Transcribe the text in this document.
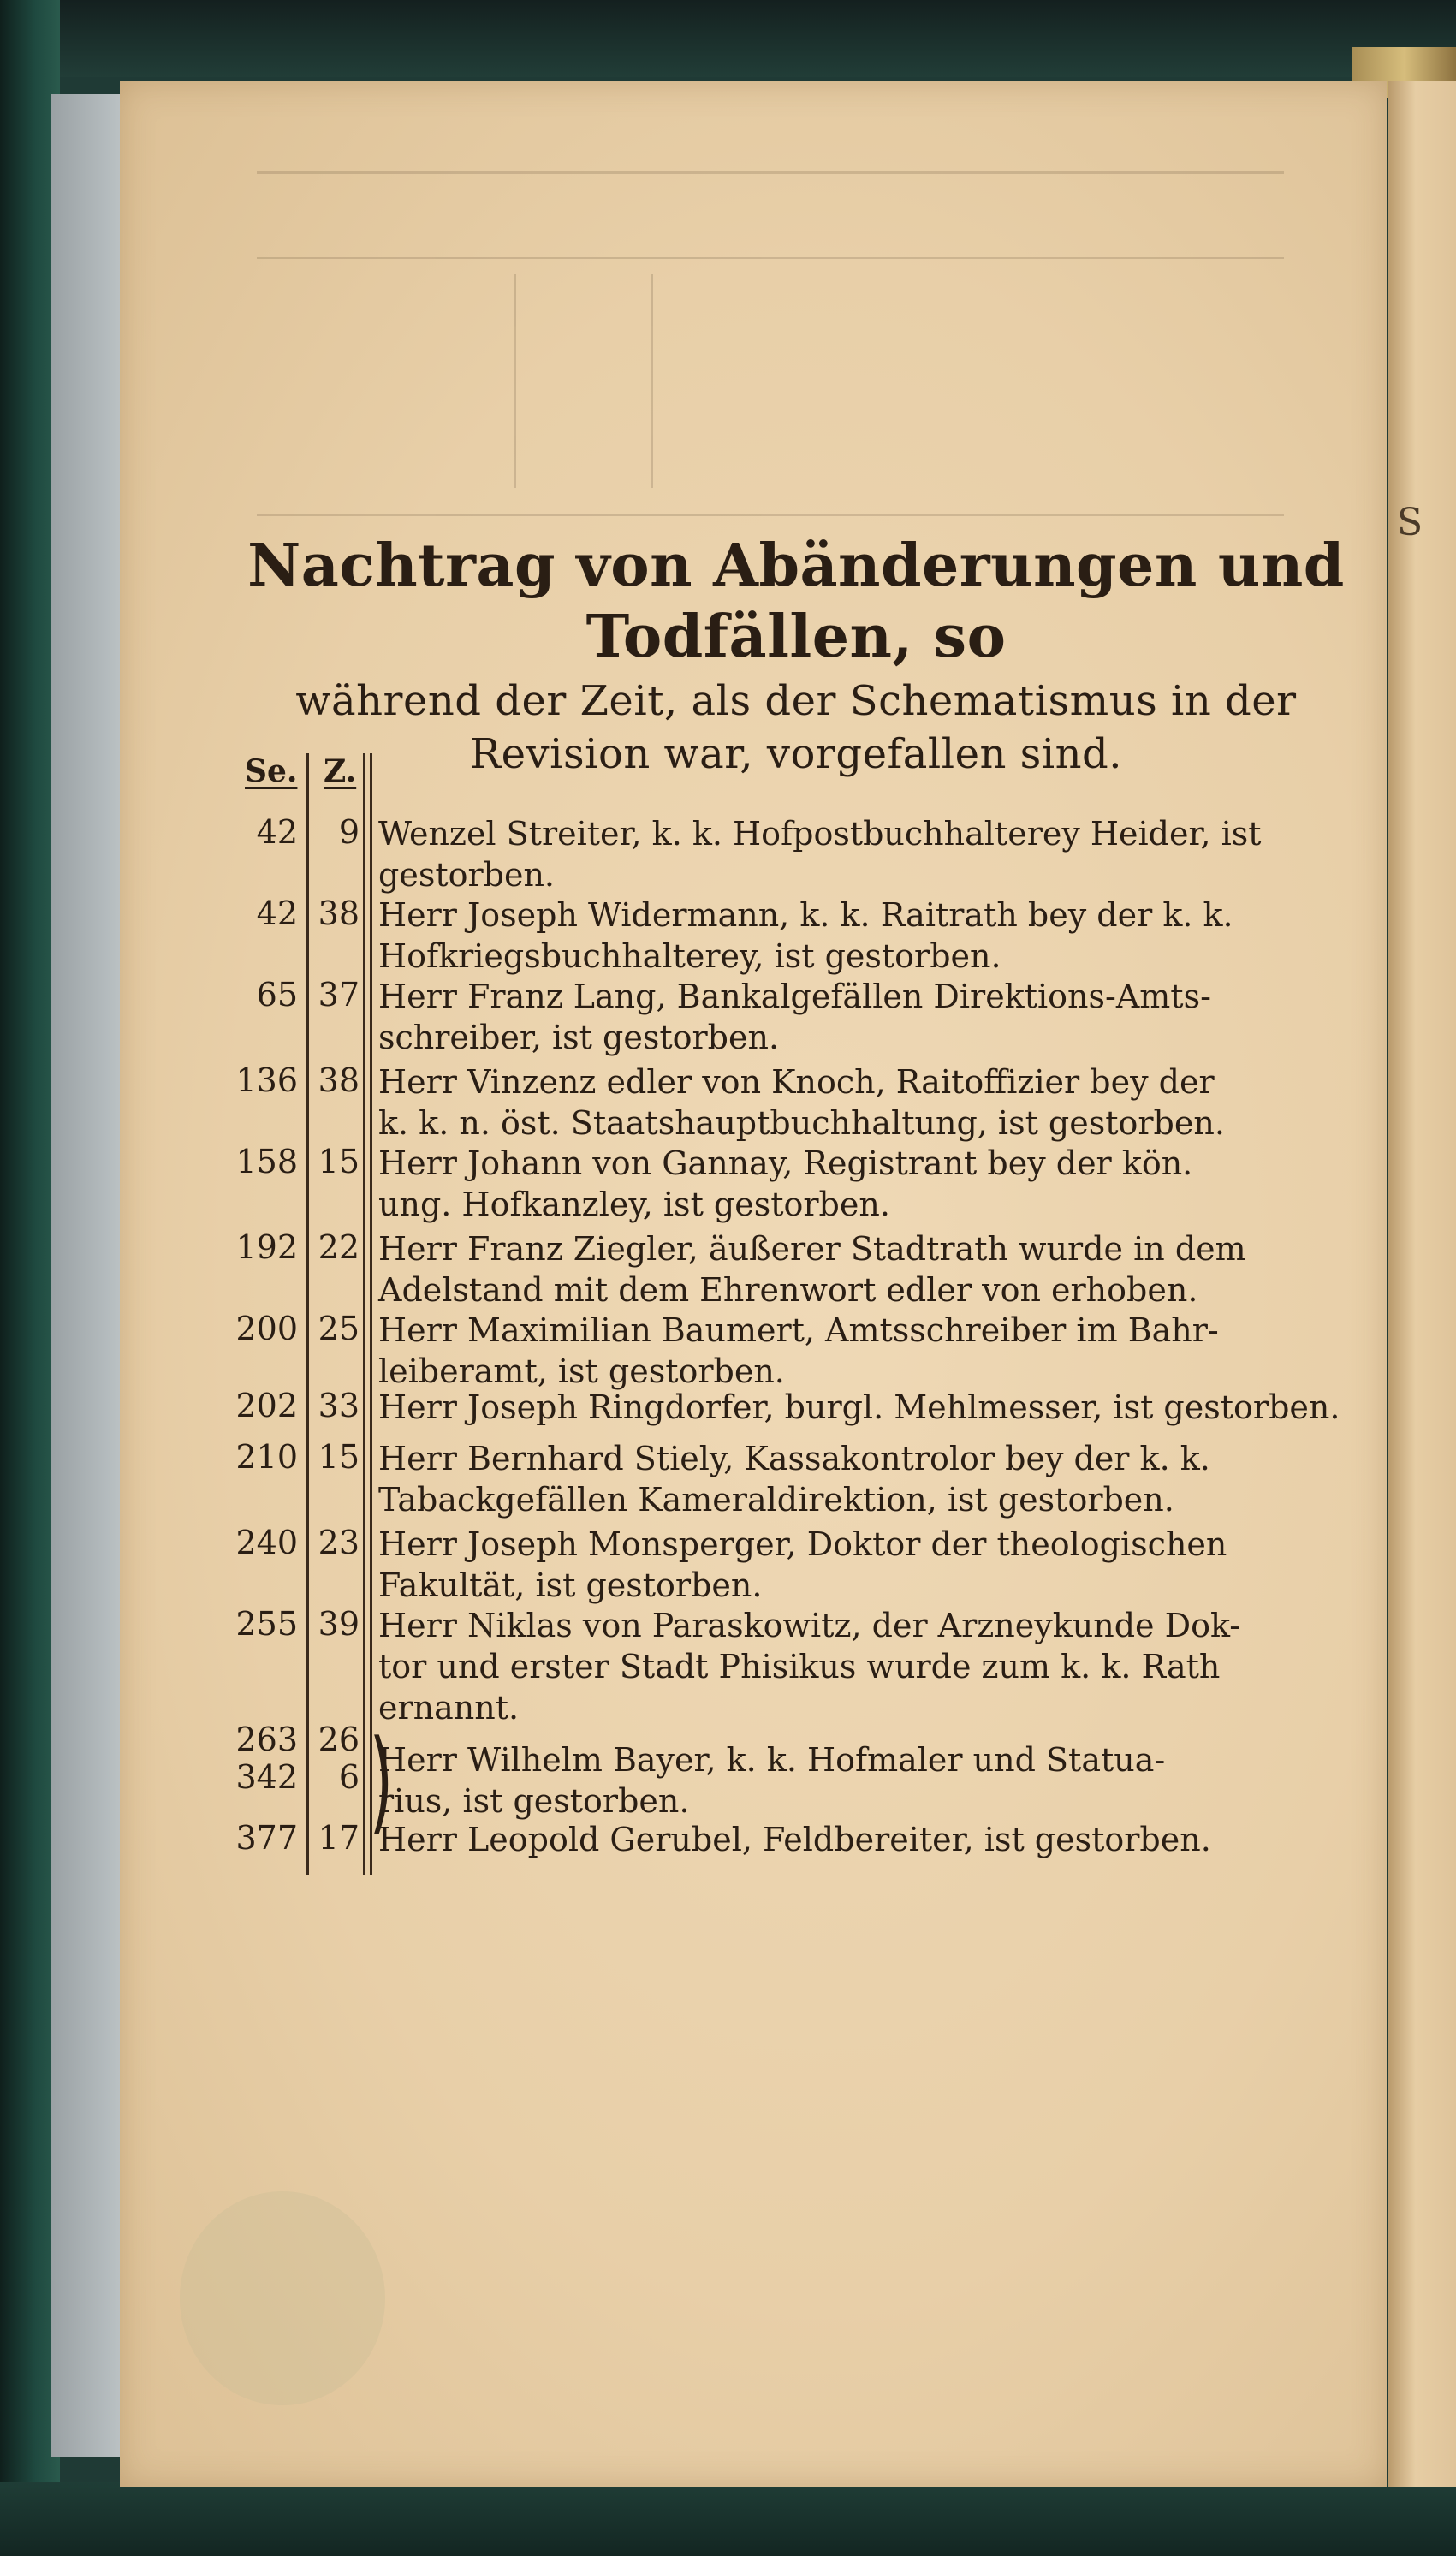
S
Nachtrag von Abänderungen und Todfällen, so
während der Zeit, als der Schematismus in der
Revision war, vorgefallen sind.
Se. Z.
)
42	9 Wenzel Streiter, k. k. Hofpostbuchhalterey Heider, ist
gestorben.
42 38 Herr Joseph Widermann, k. k. Raitrath bey der k. k.
Hofkriegsbuchhalterey, ist gestorben.
65 37 Herr Franz Lang, Bankalgefällen Direktions-Amts-
schreiber, ist gestorben.
136 38 Herr Vinzenz edler von Knoch, Raitoffizier bey der
k. k. n. öst. Staatshauptbuchhaltung, ist gestorben.
158 15 Herr Johann von Gannay, Registrant bey der kön.
ung. Hofkanzley, ist gestorben.
192 22 Herr Franz Ziegler, äußerer Stadtrath wurde in dem
Adelstand mit dem Ehrenwort edler von erhoben.
200 25 Herr Maximilian Baumert, Amtsschreiber im Bahr-
leiberamt, ist gestorben.
202 33 Herr Joseph Ringdorfer, burgl. Mehlmesser, ist gestorben.
210 15 Herr Bernhard Stiely, Kassakontrolor bey der k. k.
Tabackgefällen Kameraldirektion, ist gestorben.
240 23 Herr Joseph Monsperger, Doktor der theologischen
Fakultät, ist gestorben.
255 39 Herr Niklas von Paraskowitz, der Arzneykunde Dok-
tor und erster Stadt Phisikus wurde zum k. k. Rath
ernannt.
263 26
342	6 Herr Wilhelm Bayer, k. k. Hofmaler und Statua-
rius, ist gestorben.
377 17 Herr Leopold Gerubel, Feldbereiter, ist gestorben.
